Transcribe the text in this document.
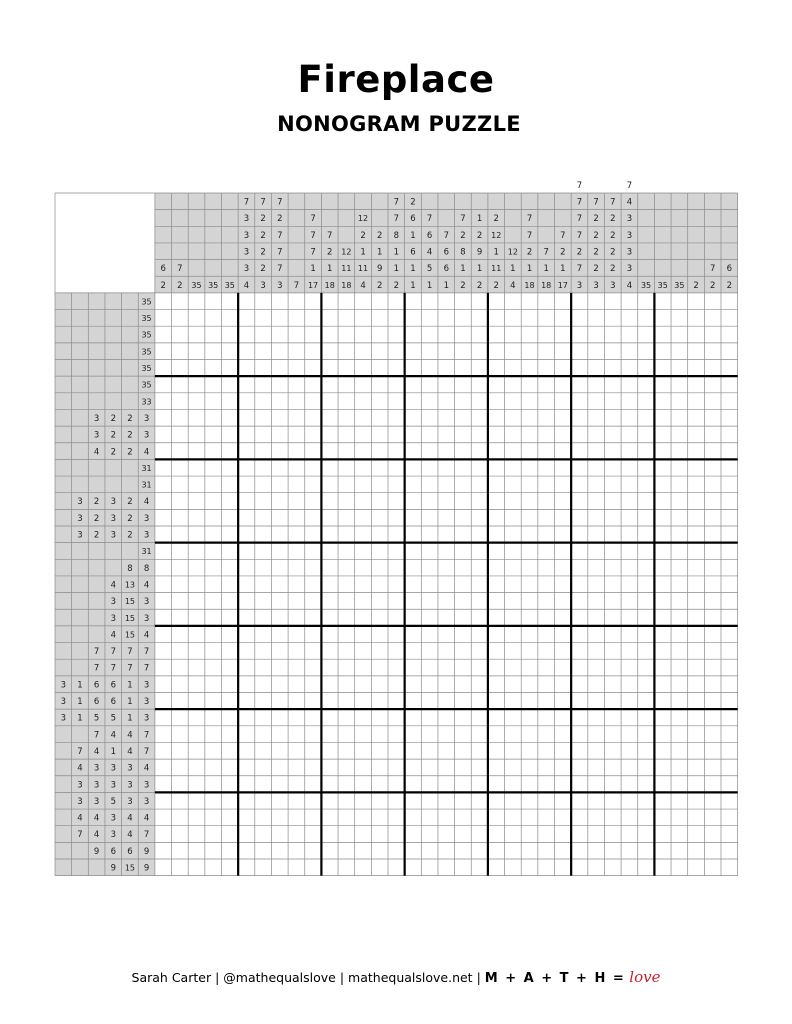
Fireplace
NONOGRAM PUZZLE
6
2
7
2 35 35 35
7
3
3
3
3
4
7
2
2
2
2
3
7
2
7
7
7
3 7
7
7
7
1
17
7
2
1
18
12
11
18
12
2
1
11
4
2
1
9
2
7
7
8
1
1
2
2
6
1
6
1
1
7
6
4
5
1
7
6
6
1
7
2
8
1
2
1
2
9
1
2
2
12
1
11
2
12
1
4
7
7
2
1
18
7
1
18
7
2
1
17
7
7
7
7
2
7
3
7
2
2
2
2
3
7
2
2
2
2
3
7
4
3
3
3
3
4 35 35 35 2
7
2
6
2
35
35
35
35
35
35
33
3 2 2 3
3 2 2 3
4 2 2 4
31
31
3 2 3 2 4
3 2 3 2 3
3 2 3 2 3
31
8 8
4 13 4
3 15 3
3 15 3
4 15 4
7 7 7 7
7 7 7 7
3 1 6 6 1 3
3 1 6 6 1 3
3 1 5 5 1 3
7 4 4 7
7 4 1 4 7
4 3 3 3 4
3 3 3 3 3
3 3 5 3 3
4 4 3 4 4
7 4 3 4 7
9 6 6 9
9 15 9
Sarah Carter | @mathequalslove | mathequalslove.net | M + A + T + H = love
